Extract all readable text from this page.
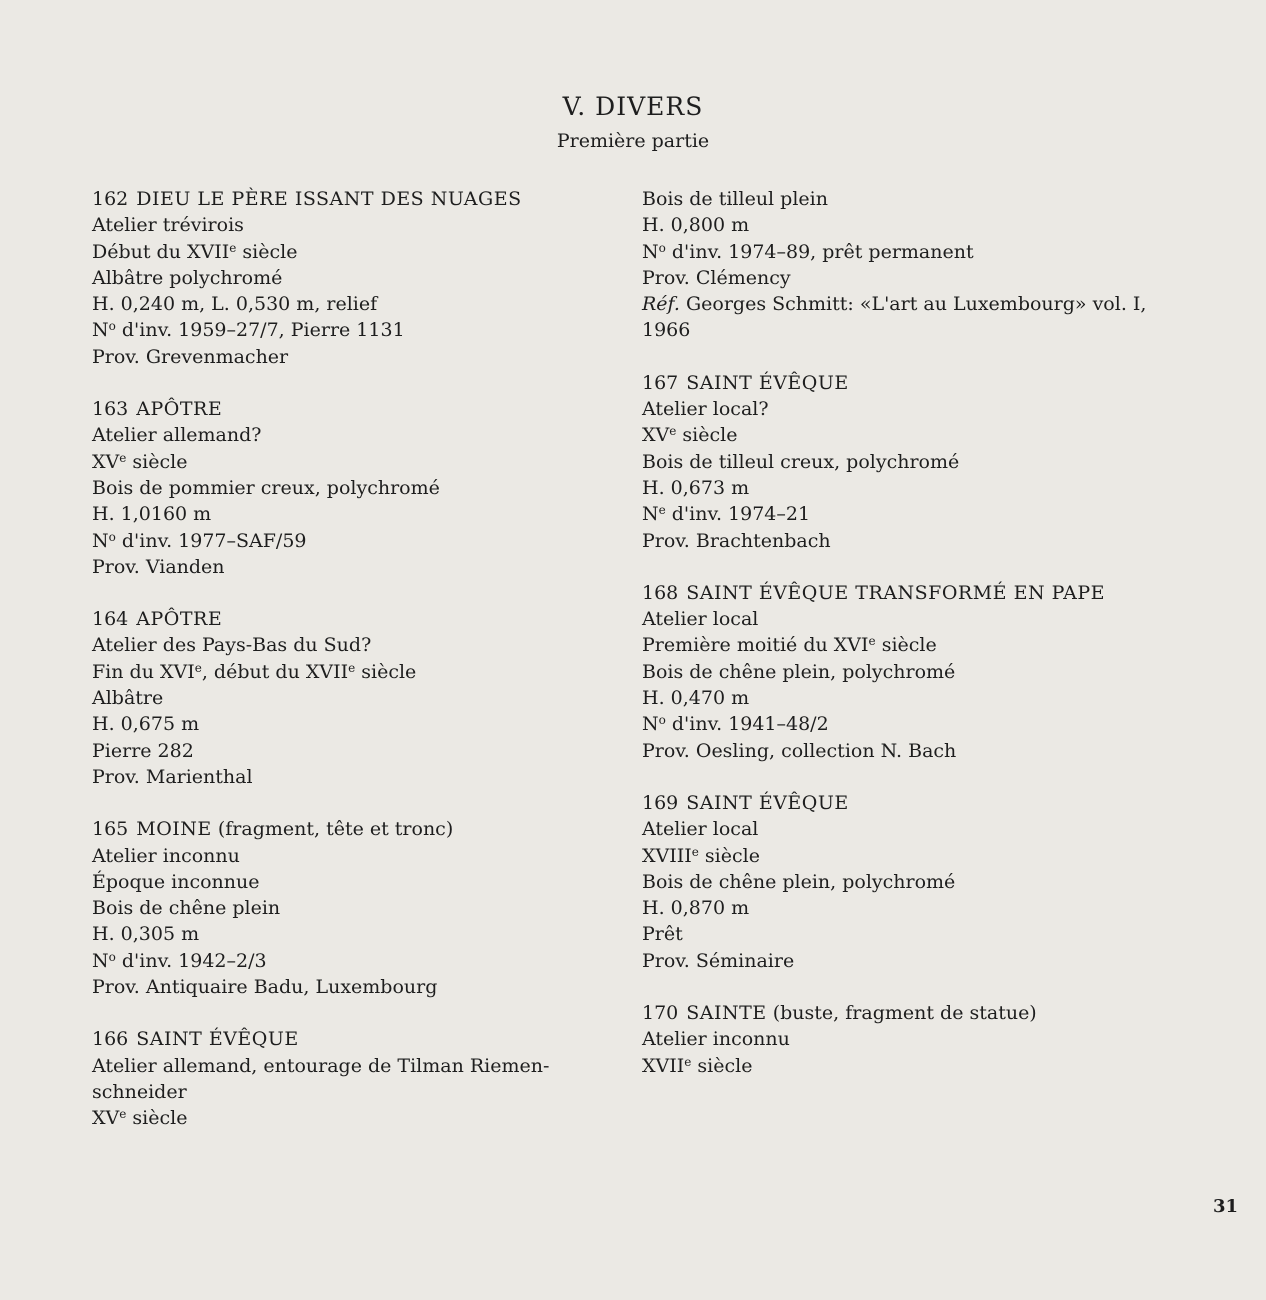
V. DIVERS
Première partie
162 DIEU LE PÈRE ISSANT DES NUAGES
Atelier trévirois
Début du XVIIe siècle
Albâtre polychromé
H. 0,240 m, L. 0,530 m, relief
$N^o$ d'inv. 1959–27/7, Pierre 1131
Prov. Grevenmacher
163 APÔTRE
Atelier allemand?
XVe siècle
Bois de pommier creux, polychromé
H. 1,0160 m
$N^o$ d'inv. 1977–SAF/59
Prov. Vianden
164 APÔTRE
Atelier des Pays-Bas du Sud?
Fin du XVIe, début du XVIIe siècle
Albâtre
H. 0,675 m
Pierre 282
Prov. Marienthal
165 MOINE (fragment, tête et tronc)
Atelier inconnu
Époque inconnue
Bois de chêne plein
H. 0,305 m
$N^o$ d'inv. 1942–2/3
Prov. Antiquaire Badu, Luxembourg
166 SAINT ÉVÊQUE
Atelier allemand, entourage de Tilman Riemen-
schneider
XVe siècle
Bois de tilleul plein
H. 0,800 m
$N^o$ d'inv. 1974–89, prêt permanent
Prov. Clémency
Réf. Georges Schmitt: «L'art au Luxembourg» vol. I,
1966
167 SAINT ÉVÊQUE
Atelier local?
XVe siècle
Bois de tilleul creux, polychromé
H. 0,673 m
$N^e$ d'inv. 1974–21
Prov. Brachtenbach
168 SAINT ÉVÊQUE TRANSFORMÉ EN PAPE
Atelier local
Première moitié du XVIe siècle
Bois de chêne plein, polychromé
H. 0,470 m
$N^o$ d'inv. 1941–48/2
Prov. Oesling, collection N. Bach
169 SAINT ÉVÊQUE
Atelier local
XVIIIe siècle
Bois de chêne plein, polychromé
H. 0,870 m
Prêt
Prov. Séminaire
170 SAINTE (buste, fragment de statue)
Atelier inconnu
XVIIe siècle
31
